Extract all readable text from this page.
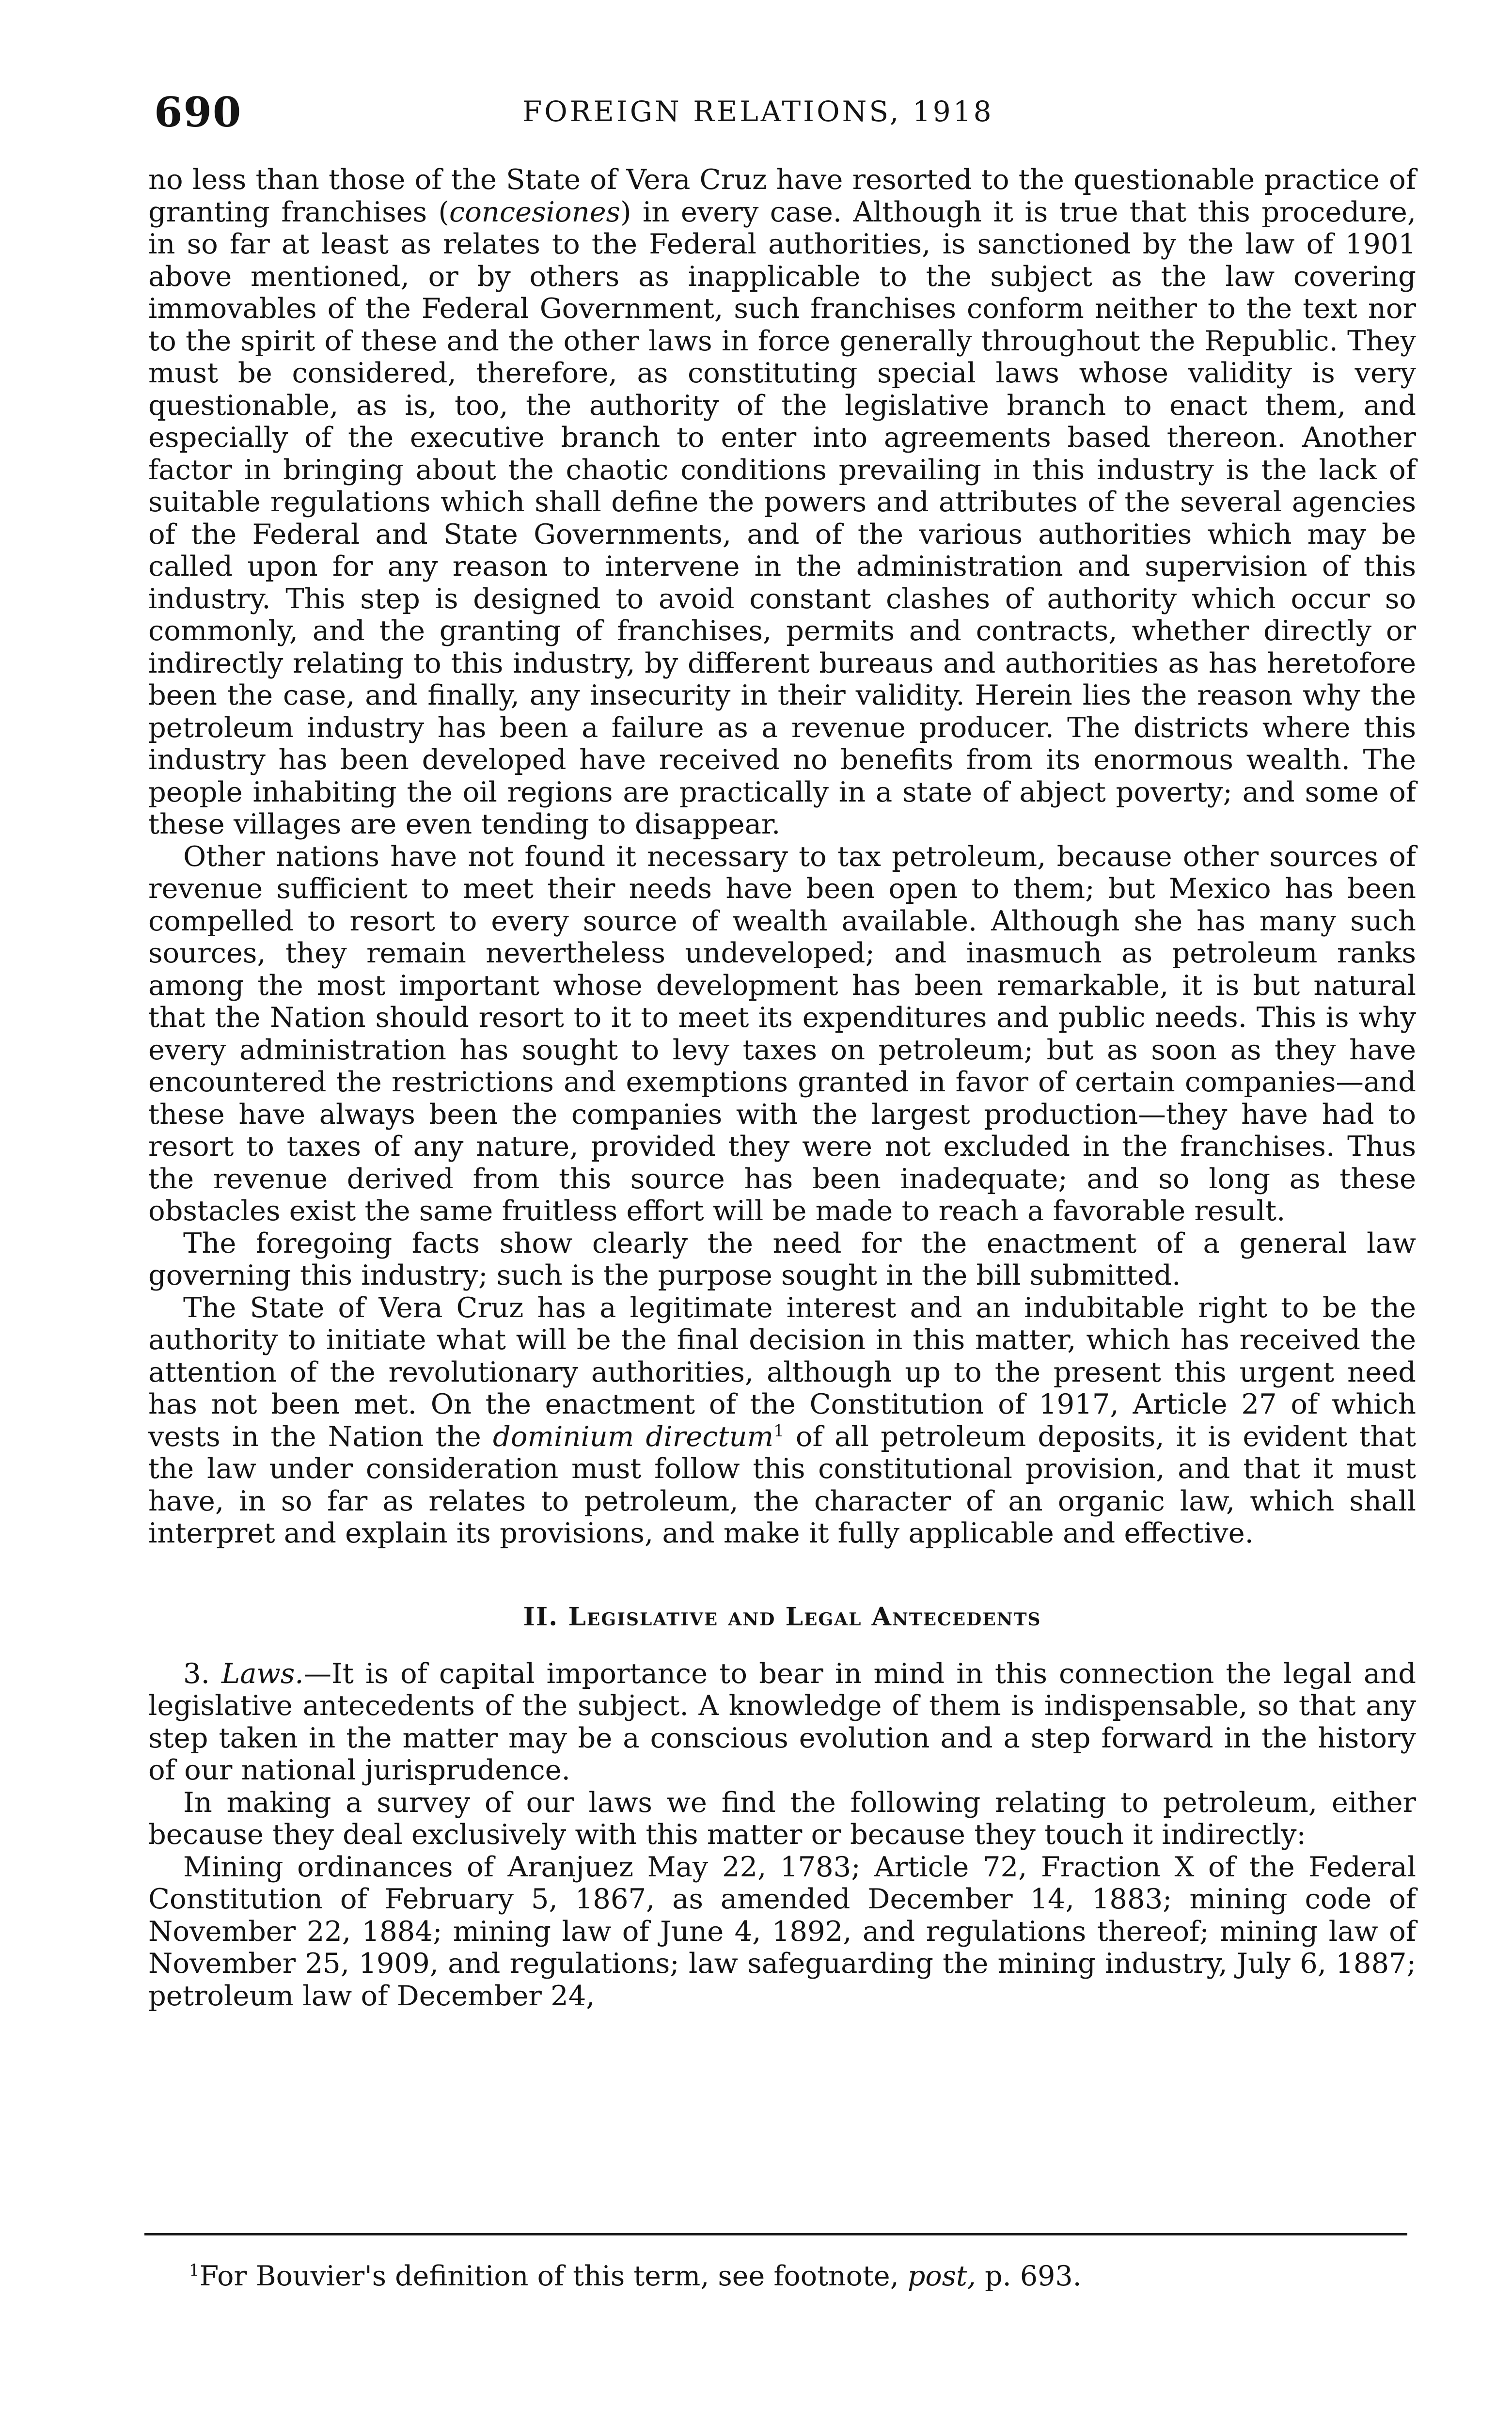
690	FOREIGN RELATIONS, 1918

no less than those of the State of Vera Cruz have resorted to the questionable practice of granting franchises (concesiones) in every case. Although it is true that this procedure, in so far at least as relates to the Federal authorities, is sanctioned by the law of 1901 above mentioned, or by others as inapplicable to the subject as the law covering immovables of the Federal Government, such franchises conform neither to the text nor to the spirit of these and the other laws in force generally throughout the Republic. They must be considered, therefore, as constituting special laws whose validity is very questionable, as is, too, the authority of the legislative branch to enact them, and especially of the executive branch to enter into agreements based thereon. Another factor in bringing about the chaotic conditions prevailing in this industry is the lack of suitable regulations which shall define the powers and attributes of the several agencies of the Federal and State Governments, and of the various authorities which may be called upon for any reason to intervene in the administration and supervision of this industry. This step is designed to avoid constant clashes of authority which occur so commonly, and the granting of franchises, permits and contracts, whether directly or indirectly relating to this industry, by different bureaus and authorities as has heretofore been the case, and finally, any insecurity in their validity. Herein lies the reason why the petroleum industry has been a failure as a revenue producer. The districts where this industry has been developed have received no benefits from its enormous wealth. The people inhabiting the oil regions are practically in a state of abject poverty; and some of these villages are even tending to disappear.

Other nations have not found it necessary to tax petroleum, because other sources of revenue sufficient to meet their needs have been open to them; but Mexico has been compelled to resort to every source of wealth available. Although she has many such sources, they remain nevertheless undeveloped; and inasmuch as petroleum ranks among the most important whose development has been remarkable, it is but natural that the Nation should resort to it to meet its expenditures and public needs. This is why every administration has sought to levy taxes on petroleum; but as soon as they have encountered the restrictions and exemptions granted in favor of certain companies—and these have always been the companies with the largest production—they have had to resort to taxes of any nature, provided they were not excluded in the franchises. Thus the revenue derived from this source has been inadequate; and so long as these obstacles exist the same fruitless effort will be made to reach a favorable result.

The foregoing facts show clearly the need for the enactment of a general law governing this industry; such is the purpose sought in the bill submitted.

The State of Vera Cruz has a legitimate interest and an indubitable right to be the authority to initiate what will be the final decision in this matter, which has received the attention of the revolutionary authorities, although up to the present this urgent need has not been met. On the enactment of the Constitution of 1917, Article 27 of which vests in the Nation the dominium directum$^1$ of all petroleum deposits, it is evident that the law under consideration must follow this constitutional provision, and that it must have, in so far as relates to petroleum, the character of an organic law, which shall interpret and explain its provisions, and make it fully applicable and effective.

II. Legislative and Legal Antecedents

3. Laws.—It is of capital importance to bear in mind in this connection the legal and legislative antecedents of the subject. A knowledge of them is indispensable, so that any step taken in the matter may be a conscious evolution and a step forward in the history of our national jurisprudence.

In making a survey of our laws we find the following relating to petroleum, either because they deal exclusively with this matter or because they touch it indirectly:

Mining ordinances of Aranjuez May 22, 1783; Article 72, Fraction X of the Federal Constitution of February 5, 1867, as amended December 14, 1883; mining code of November 22, 1884; mining law of June 4, 1892, and regulations thereof; mining law of November 25, 1909, and regulations; law safeguarding the mining industry, July 6, 1887; petroleum law of December 24,

$^1$For Bouvier's definition of this term, see footnote, post, p. 693.
